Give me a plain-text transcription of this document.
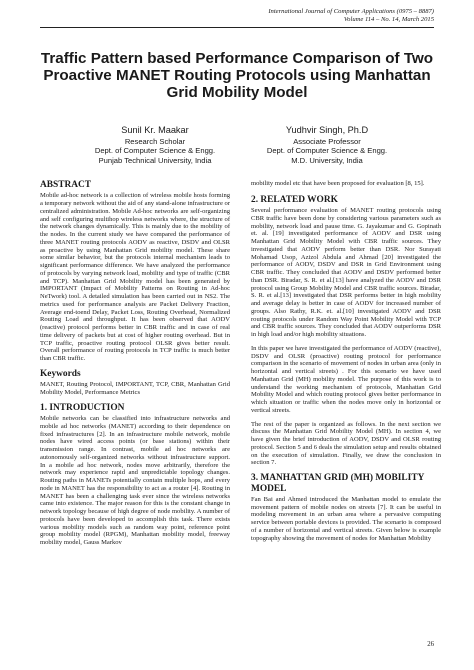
International Journal of Computer Applications (0975 – 8887)
Volume 114 – No. 14, March 2015
Traffic Pattern based Performance Comparison of Two Proactive MANET Routing Protocols using Manhattan Grid Mobility Model
Sunil Kr. Maakar
Research Scholar
Dept. of Computer Science & Engg.
Punjab Technical University, India
Yudhvir Singh, Ph.D
Associate Professor
Dept. of Computer Science & Engg.
M.D. University, India
ABSTRACT

Mobile ad-hoc network is a collection of wireless mobile hosts forming a temporary network without the aid of any stand-alone infrastructure or centralized administration. Mobile Ad-hoc networks are self-organizing and self configuring multihop wireless networks where, the structure of the network changes dynamically. This is mainly due to the mobility of the nodes. In the current study we have compared the performance of three MANET routing protocols AODV as reactive, DSDV and OLSR as proactive by using Manhattan Grid mobility model. These share some similar behavior, but the protocols internal mechanism leads to significant performance difference. We have analyzed the performance of protocols by varying network load, mobility and type of traffic (CBR and TCP). Manhattan Grid Mobility model has been generated by IMPORTANT (Impact of Mobility Patterns on Routing in Ad-hoc NeTwork) tool. A detailed simulation has been carried out in NS2. The metrics used for performance analysis are Packet Delivery Fraction, Average end-toend Delay, Packet Loss, Routing Overhead, Normalized Routing Load and throughput. It has been observed that AODV (reactive) protocol performs better in CBR traffic and in case of real time delivery of packets but at cost of higher routing overhead. But in TCP traffic, proactive routing protocol OLSR gives better result. Overall performance of routing protocols in TCP traffic is much better than CBR traffic.

Keywords

MANET, Routing Protocol, IMPORTANT, TCP, CBR, Manhattan Grid Mobility Model, Performance Metrics

1. INTRODUCTION

Mobile networks can be classified into infrastructure networks and mobile ad hoc networks (MANET) according to their dependence on fixed infrastructures [2]. In an infrastructure mobile network, mobile nodes have wired access points (or base stations) within their transmission range. In contrast, mobile ad hoc networks are autonomously self-organized networks without infrastructure support. In a mobile ad hoc network, nodes move arbitrarily, therefore the network may experience rapid and unpredictable topology changes. Routing paths in MANETs potentially contain multiple hops, and every node in MANET has the responsibility to act as a router [4]. Routing in MANET has been a challenging task ever since the wireless networks came into existence. The major reason for this is the constant change in network topology because of high degree of node mobility. A number of protocols have been developed to accomplish this task. There exists various mobility models such as random way point, reference point group mobility model (RPGM), Manhattan mobility model, freeway mobility model, Gauss Markov

mobility model etc that have been proposed for evaluation [8, 15].

2. RELATED WORK

Several performance evaluation of MANET routing protocols using CBR traffic have been done by considering various parameters such as mobility, network load and pause time. G. Jayakumar and G. Gopinath et. al. [19] investigated performance of AODV and DSR using Manhattan Grid Mobility Model with CBR traffic sources. They investigated that AODV perform better than DSR. Nor Surayati Mohamad Usop, Azizol Abdula and Ahmad [20] investigated the performance of AODV, DSDV and DSR in Grid Environment using CBR traffic. They concluded that AODV and DSDV performed better than DSR. Biradar, S. R. et al.[13] have analyzed the AODV and DSR protocol using Group Mobility Model and CBR traffic sources. Biradar, S. R. et al.[13] investigated that DSR performs better in high mobility and average delay is better in case of AODV for increased number of groups. Also Rathy, R.K. et. al.[10] investigated AODV and DSR routing protocols under Random Way Point Mobility Model with TCP and CBR traffic sources. They concluded that AODV outperforms DSR in high load and/or high mobility situations.

In this paper we have investigated the performance of AODV (reactive), DSDV and OLSR (proactive) routing protocol for performance comparison in the scenario of movement of nodes in urban area (only in horizontal and vertical streets) . For this scenario we have used Manhattan Grid (MH) mobility model. The purpose of this work is to understand the working mechanism of protocols, Manhattan Grid Mobility Model and which routing protocol gives better performance in which situation or traffic when the nodes move only in horizontal or vertical streets.

The rest of the paper is organized as follows. In the next section we discuss the Manhattan Grid Mobility Model (MH). In section 4, we have given the brief introduction of AODV, DSDV and OLSR routing protocol. Section 5 and 6 deals the simulation setup and results obtained on the execution of simulation. Finally, we draw the conclusion in section 7.

3. MANHATTAN GRID (MH) MOBILITY MODEL

Fan Bai and Ahmed introduced the Manhattan model to emulate the movement pattern of mobile nodes on streets [7]. It can be useful in modeling movement in an urban area where a pervasive computing service between portable devices is provided. The scenario is composed of a number of horizontal and vertical streets. Given below is example topography showing the movement of nodes for Manhattan Mobility

26
